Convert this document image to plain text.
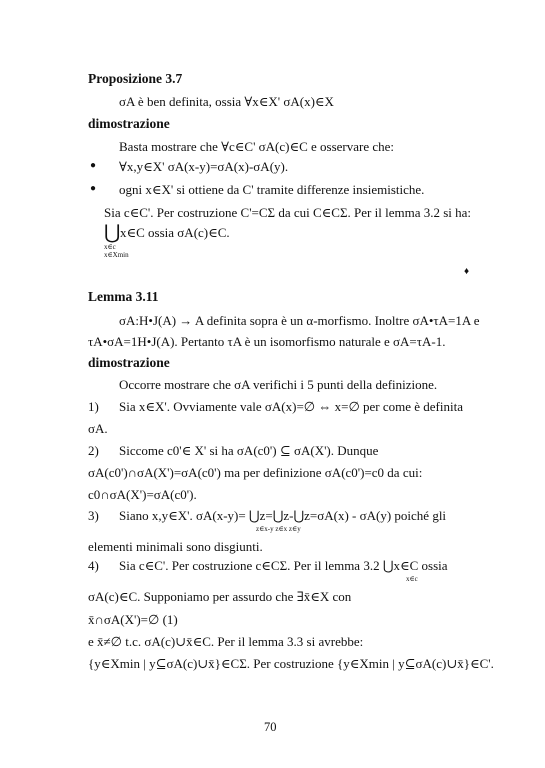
Proposizione 3.7
σA è ben definita, ossia ∀x∈X' σA(x)∈X
dimostrazione
Basta mostrare che ∀c∈C' σA(c)∈C e osservare che:
● ∀x,y∈X' σA(x-y)=σA(x)-σA(y).
● ogni x∈X' si ottiene da C' tramite differenze insiemistiche.
Sia c∈C'. Per costruzione C'=CΣ da cui C∈CΣ. Per il lemma 3.2 si ha:
⋃ x∈C ossia σA(c)∈C.
x∈c
x∈Xmin
♦
Lemma 3.11
σA:H•J(A) → A definita sopra è un α-morfismo. Inoltre σA•τA=1A e
τA•σA=1H•J(A). Pertanto τA è un isomorfismo naturale e σA=τA-1.
dimostrazione
Occorre mostrare che σA verifichi i 5 punti della definizione.
1) Sia x∈X'. Ovviamente vale σA(x)=∅ ⇔ x=∅ per come è definita
σA.
2) Siccome c0'∈ X' si ha σA(c0') ⊆ σA(X'). Dunque
σA(c0')∩σA(X')=σA(c0') ma per definizione σA(c0')=c0 da cui:
c0∩σA(X')=σA(c0').
3) Siano x,y∈X'. σA(x-y)= ⋃z=⋃z-⋃z=σA(x) - σA(y) poiché gli
z∈x-y z∈x z∈y
elementi minimali sono disgiunti.
4) Sia c∈C'. Per costruzione c∈CΣ. Per il lemma 3.2 ⋃x∈C ossia
x∈c
σA(c)∈C. Supponiamo per assurdo che ∃x̄∈X con
x̄∩σA(X')=∅ (1)
e x̄≠∅ t.c. σA(c)∪x̄∈C. Per il lemma 3.3 si avrebbe:
{y∈Xmin | y⊆σA(c)∪x̄}∈CΣ. Per costruzione {y∈Xmin | y⊆σA(c)∪x̄}∈C'.
70
